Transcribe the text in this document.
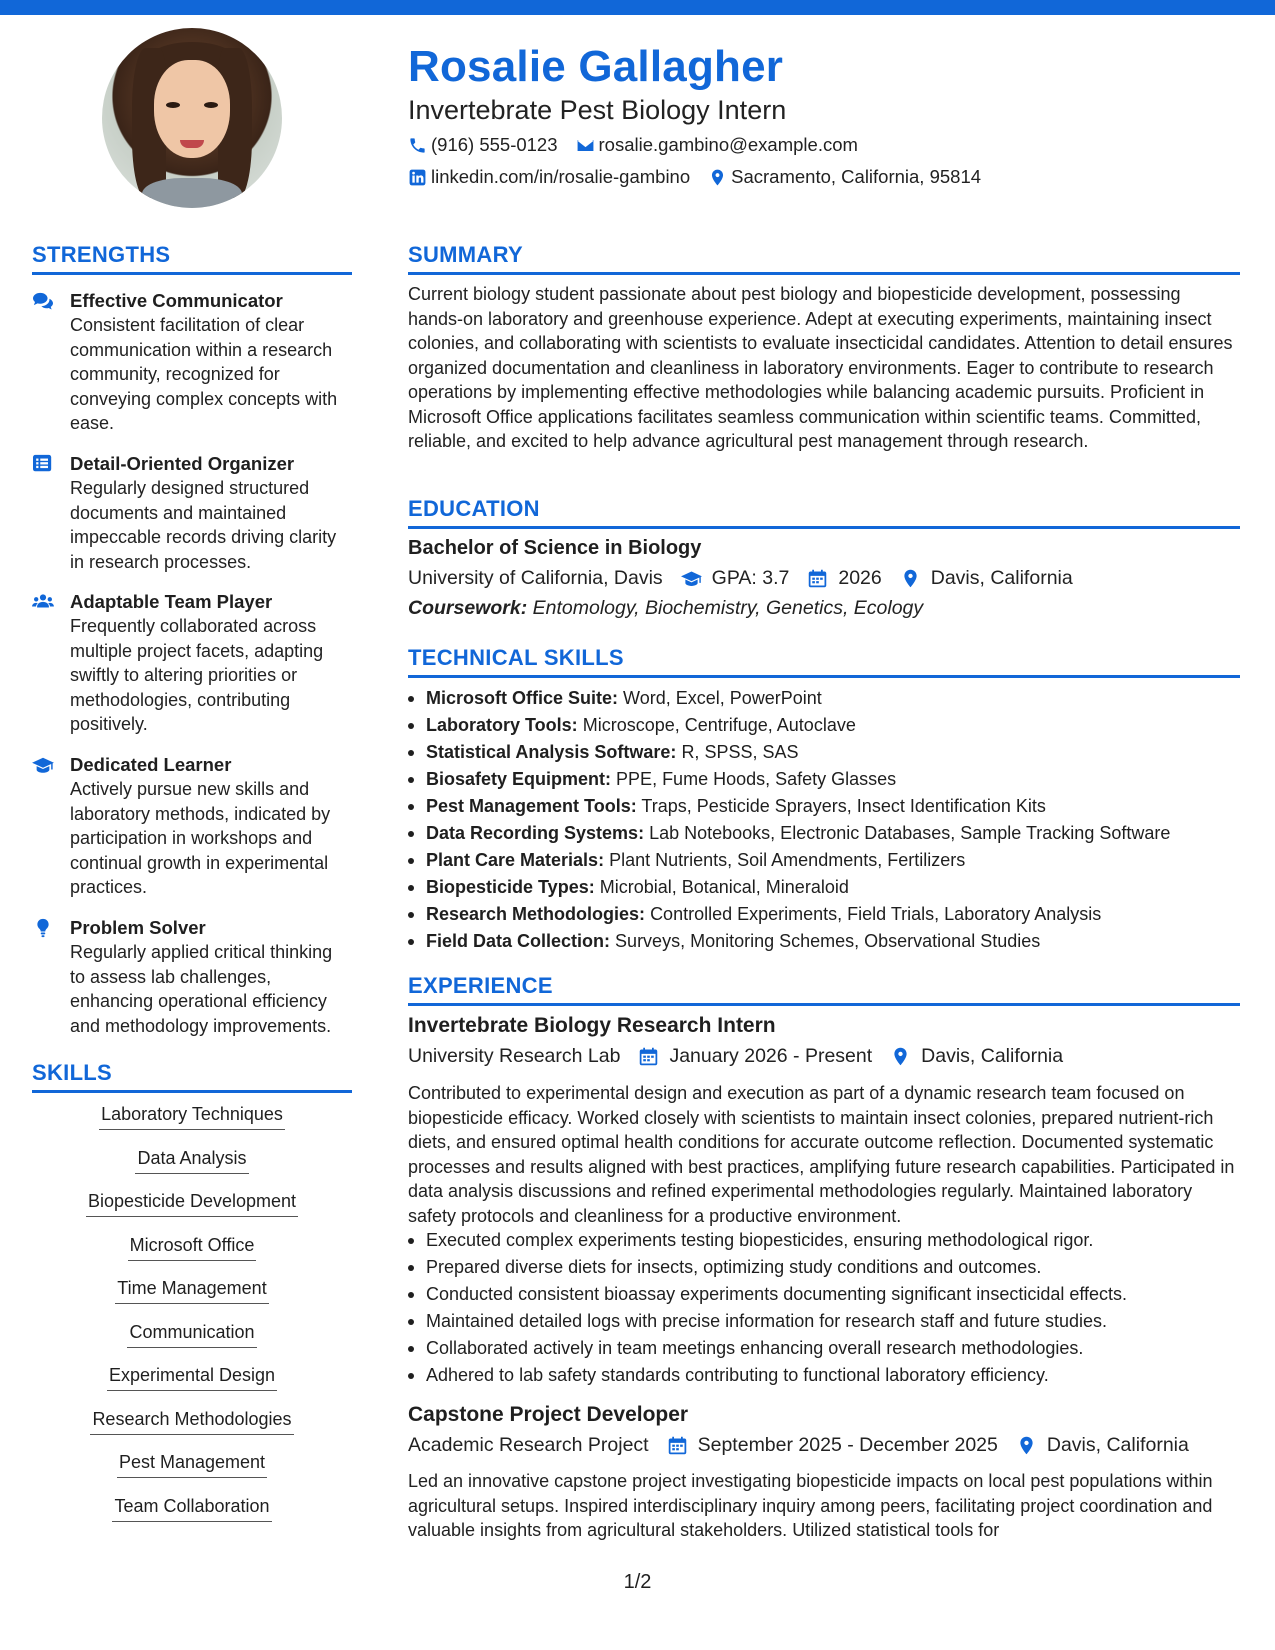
Rosalie Gallagher
Invertebrate Pest Biology Intern
(916) 555-0123 rosalie.gambino@example.com
linkedin.com/in/rosalie-gambino Sacramento, California, 95814
STRENGTHS
Effective Communicator
Consistent facilitation of clear communication within a research community, recognized for conveying complex concepts with ease.
Detail-Oriented Organizer
Regularly designed structured documents and maintained impeccable records driving clarity in research processes.
Adaptable Team Player
Frequently collaborated across multiple project facets, adapting swiftly to altering priorities or methodologies, contributing positively.
Dedicated Learner
Actively pursue new skills and laboratory methods, indicated by participation in workshops and continual growth in experimental practices.
Problem Solver
Regularly applied critical thinking to assess lab challenges, enhancing operational efficiency and methodology improvements.
SKILLS
Laboratory Techniques
Data Analysis
Biopesticide Development
Microsoft Office
Time Management
Communication
Experimental Design
Research Methodologies
Pest Management
Team Collaboration
SUMMARY
Current biology student passionate about pest biology and biopesticide development, possessing hands-on laboratory and greenhouse experience. Adept at executing experiments, maintaining insect colonies, and collaborating with scientists to evaluate insecticidal candidates. Attention to detail ensures organized documentation and cleanliness in laboratory environments. Eager to contribute to research operations by implementing effective methodologies while balancing academic pursuits. Proficient in Microsoft Office applications facilitates seamless communication within scientific teams. Committed, reliable, and excited to help advance agricultural pest management through research.
EDUCATION
Bachelor of Science in Biology
University of California, Davis	GPA: 3.7	2026	Davis, California
Coursework: Entomology, Biochemistry, Genetics, Ecology
TECHNICAL SKILLS
Microsoft Office Suite: Word, Excel, PowerPoint
Laboratory Tools: Microscope, Centrifuge, Autoclave
Statistical Analysis Software: R, SPSS, SAS
Biosafety Equipment: PPE, Fume Hoods, Safety Glasses
Pest Management Tools: Traps, Pesticide Sprayers, Insect Identification Kits
Data Recording Systems: Lab Notebooks, Electronic Databases, Sample Tracking Software
Plant Care Materials: Plant Nutrients, Soil Amendments, Fertilizers
Biopesticide Types: Microbial, Botanical, Mineraloid
Research Methodologies: Controlled Experiments, Field Trials, Laboratory Analysis
Field Data Collection: Surveys, Monitoring Schemes, Observational Studies
EXPERIENCE
Invertebrate Biology Research Intern
University Research Lab	January 2026 - Present	Davis, California
Contributed to experimental design and execution as part of a dynamic research team focused on biopesticide efficacy. Worked closely with scientists to maintain insect colonies, prepared nutrient-rich diets, and ensured optimal health conditions for accurate outcome reflection. Documented systematic processes and results aligned with best practices, amplifying future research capabilities. Participated in data analysis discussions and refined experimental methodologies regularly. Maintained laboratory safety protocols and cleanliness for a productive environment.
Executed complex experiments testing biopesticides, ensuring methodological rigor.
Prepared diverse diets for insects, optimizing study conditions and outcomes.
Conducted consistent bioassay experiments documenting significant insecticidal effects.
Maintained detailed logs with precise information for research staff and future studies.
Collaborated actively in team meetings enhancing overall research methodologies.
Adhered to lab safety standards contributing to functional laboratory efficiency.
Capstone Project Developer
Academic Research Project	September 2025 - December 2025	Davis, California
Led an innovative capstone project investigating biopesticide impacts on local pest populations within agricultural setups. Inspired interdisciplinary inquiry among peers, facilitating project coordination and valuable insights from agricultural stakeholders. Utilized statistical tools for
1/2
